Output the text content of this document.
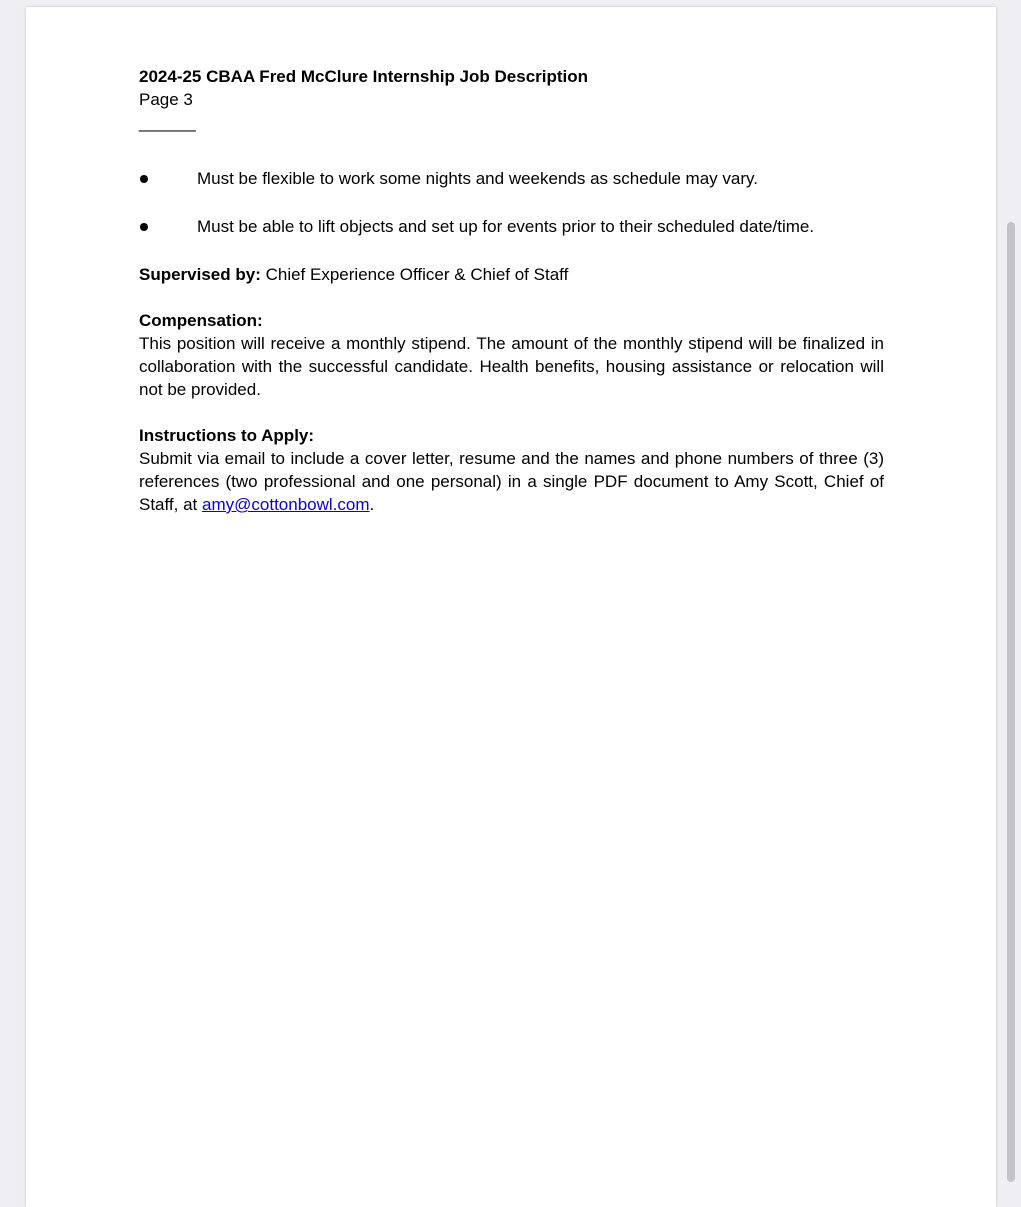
2024-25 CBAA Fred McClure Internship Job Description
Page 3
______
Must be flexible to work some nights and weekends as schedule may vary.
Must be able to lift objects and set up for events prior to their scheduled date/time.
Supervised by: Chief Experience Officer & Chief of Staff
Compensation:
This position will receive a monthly stipend. The amount of the monthly stipend will be finalized in collaboration with the successful candidate. Health benefits, housing assistance or relocation will not be provided.
Instructions to Apply:
Submit via email to include a cover letter, resume and the names and phone numbers of three (3) references (two professional and one personal) in a single PDF document to Amy Scott, Chief of Staff, at amy@cottonbowl.com.
